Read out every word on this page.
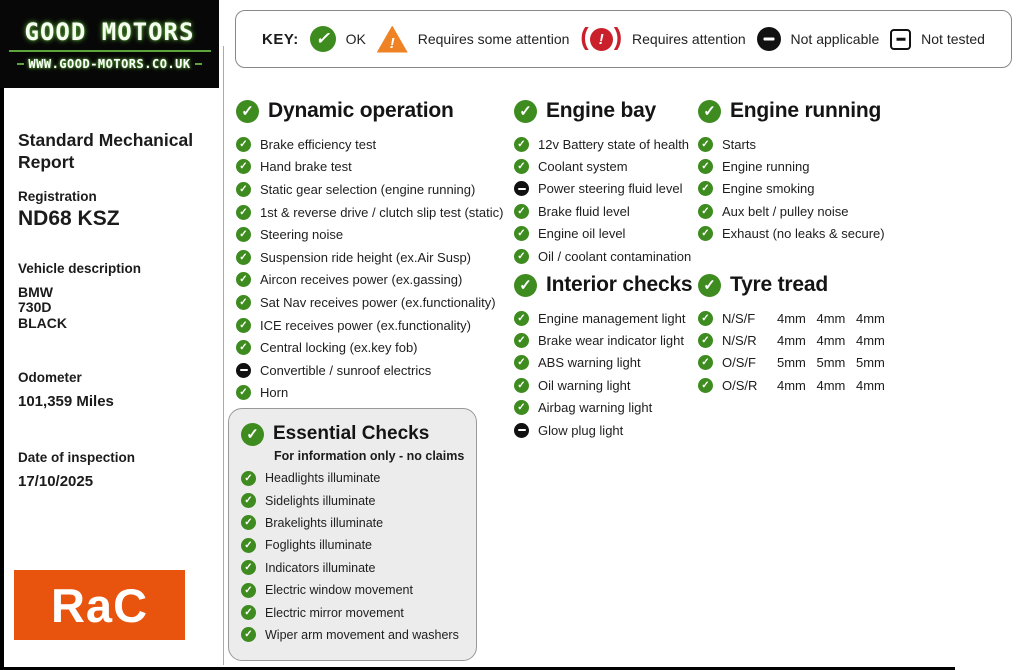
GOOD MOTORS
WWW.GOOD-MOTORS.CO.UK
KEY: ✓	OK !	Requires some attention (
!
)	Requires attention	Not applicable	Not tested
Standard Mechanical Report
Registration
ND68 KSZ
Vehicle description
BMW
730D
BLACK
Odometer
101,359 Miles
Date of inspection
17/10/2025
RaC
✓
Dynamic operation
✓
Brake efficiency test
✓
Hand brake test
✓
Static gear selection (engine running)
✓
1st & reverse drive / clutch slip test (static)
✓
Steering noise
✓
Suspension ride height (ex.Air Susp)
✓
Aircon receives power (ex.gassing)
✓
Sat Nav receives power (ex.functionality)
✓
ICE receives power (ex.functionality)
✓
Central locking (ex.key fob)
Convertible / sunroof electrics
✓
Horn
✓
Engine bay
✓
12v Battery state of health
✓
Coolant system
Power steering fluid level
✓
Brake fluid level
✓
Engine oil level
✓
Oil / coolant contamination
✓
Interior checks
✓
Engine management light
✓
Brake wear indicator light
✓
ABS warning light
✓
Oil warning light
✓
Airbag warning light
Glow plug light
✓
Engine running
✓
Starts
✓
Engine running
✓
Engine smoking
✓
Aux belt / pulley noise
✓
Exhaust (no leaks & secure)
✓
Tyre tread
✓
N/S/F	4mm 4mm 4mm
✓
N/S/R	4mm 4mm 4mm
✓
O/S/F	5mm 5mm 5mm
✓
O/S/R	4mm 4mm 4mm
✓
Essential Checks
For information only - no claims
✓
Headlights illuminate
✓
Sidelights illuminate
✓
Brakelights illuminate
✓
Foglights illuminate
✓
Indicators illuminate
✓
Electric window movement
✓
Electric mirror movement
✓
Wiper arm movement and washers
